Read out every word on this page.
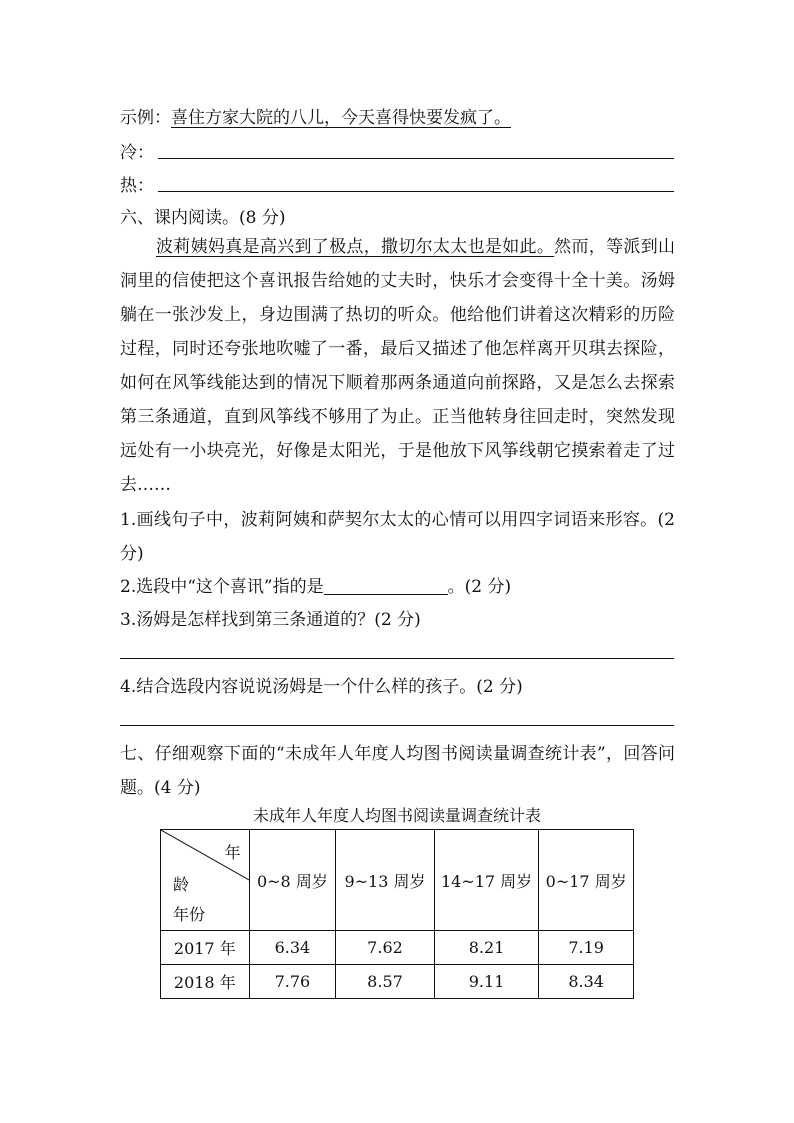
示例：喜住方家大院的八儿，今天喜得快要发疯了。
冷：
热：
六、课内阅读。(8 分)
波莉姨妈真是高兴到了极点，撒切尔太太也是如此。然而，等派到山洞里的信使把这个喜讯报告给她的丈夫时，快乐才会变得十全十美。汤姆躺在一张沙发上，身边围满了热切的听众。他给他们讲着这次精彩的历险过程，同时还夸张地吹嘘了一番，最后又描述了他怎样离开贝琪去探险，如何在风筝线能达到的情况下顺着那两条通道向前探路，又是怎么去探索第三条通道，直到风筝线不够用了为止。正当他转身往回走时，突然发现远处有一小块亮光，好像是太阳光，于是他放下风筝线朝它摸索着走了过去……
1.画线句子中，波莉阿姨和萨契尔太太的心情可以用四字词语来形容。(2 分)
2.选段中“这个喜讯”指的是	。(2 分)
3.汤姆是怎样找到第三条通道的？(2 分)
4.结合选段内容说说汤姆是一个什么样的孩子。(2 分)
七、仔细观察下面的“未成年人年度人均图书阅读量调查统计表”，回答问题。(4 分)
未成年人年度人均图书阅读量调查统计表
年
龄
年份	0~8 周岁	9~13 周岁	14~17 周岁	0~17 周岁
2017 年	6.34	7.62	8.21	7.19
2018 年	7.76	8.57	9.11	8.34
